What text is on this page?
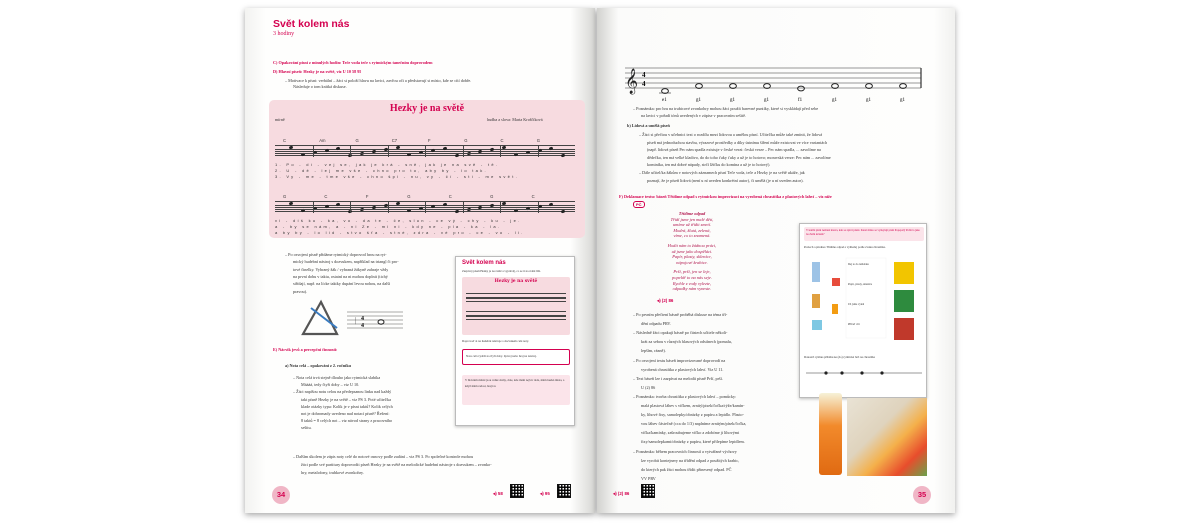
Svět kolem nás
3 hodiny
C) Opakování písní z minulých hodin: Teče voda teče s rytmickým tanečním doprovodem
D) Hlavní píseň: Hezky je na světě, viz U 10 58 95
– Motivace k písni: verbální – žáci si položí hlavu na lavici, zavřou oči a představují si místo, kde se cítí dobře.
Následuje o tom krátká diskuse.
Hezky je na světě
mírně	hudba a slova: Maria Kroščíková
C	Am	G	C7	F	G	C	G
1. Po - dí - vej se, jak je krá - sně, jak je na svě - tě.
2. U - dě - lej me vše - chno pro to, aby by - lo tak.
3. Vy - me - tme vše - chno špi - nu, vy - čí - stí - me svět.
G	C	F	G	C	G	C
vi - díš ku - ka, vo - da te - če, slun - ce vý - chy - ku - je.
a - by se nám, a - ni Ze - mi ni - kdy ne - pla - ka - la.
a by by - lo lid - stvo šťa - stné, zdra - vé pro - ce - vo - li.
– Po osvojení písně přidáme rytmický doprovod hrou na ryt-
mický hudební nástroj s dozvukem, například na triangl či pro-
tové činelky. Vybraný žák / vybraná žákyně zahraje vždy
na první dobu v taktu, ostatní na ni mohou doplnit (tichý
střídají, např. na lícke taktky dupání levou nohou, na další
pravou).
𝄀 4
4
E) Nácvik jevů a percepční činnosti:
a) Nota celá – opakování z 2. ročníku
– Nota celá trvá stejně dlouho jako rytmická slabika
Máááá, tedy čtyři doby – viz U 10.
– Žáci napíšou notu celou na předepsanou linku nad každý
takt písně Hezky je na světě – viz PS 3. Poté učitel/ka
klade otázky typu: Kolik je v písni taktů? Kolik celých
not je dohromady uvedeno nad notací písně? Řešení:
8 taktů = 8 celých not – viz návod strany z pracovního
sešitu.
– Dalším úkolem je zápis noty celé do notové osnovy podle zadání – viz PS 3. Po společné kontrole mohou
žáci podle své partitury doprovodit píseň Hezky je na světě na melodické hudební nástroje s dozvukem – zvonko-
hry, metalofony, trubkové zvonkohry.
Svět kolem nás
Zazpívej píseň Hezky je na světě a vyprávěj, co se ti na světě líbí.
Hezky je na světě
Doprovoď si na hudební nástroje s dozvukem celé noty.
Nota celá vydrží na čtyři doby. Zpívej nebo hraj na nástroj.
V hlavním městě jsou velké domy, dole, kde mám nejvíc ráda, mám hezká místa, a když mám radost, hraji si.
34	◂) 58	◂) 95
𝄞 4
4
e1	g1	g1	g1	f1	g1	g1	g1
– Poznámka: pro hru na trubicové zvonkohry mohou žáci použít barevné puntíky, které si vyskládají před sebe
na lavici v pořadí tónů uvedených v zápise v pracovním sešitě.
b) Lidová a umělá píseň
– Žáci si přečtou v učebnici text o rozdílu mezi lidovou a umělou písní. Učitel/ka může také zmínit, že lidová
píseň má jednoduchou stavbu, výrazové prostředky a díky ústnímu šíření může existovat ve více variantách
(např. lidová píseň Pec nám spadla existuje v české verzi: česká verze – Pec nám spadla, ... zavolíme na
dědečka, ten má velké kladivo, do do toho ťuky ťuky a už je to hotovo; moravská verze: Pec nám ... zavolíme
kominíka, ten má dobré nápady, strčí lžičku do komína a už je to hotový).
– Dále učitel/ka žákům v notových záznamech písní Teče voda, teče a Hezky je na světě ukáže, jak
poznají, že je píseň lidová (není u ní uveden konkrétní autor), či umělá (je u ní uveden autor).
F) Deklamace textu: báseň Třídíme odpad s rytmickou improvizací na vyrobená chrastítka z plastových lahví – viz níže
PČ
Třídíme odpad
Třídí jsme jen malé děti,
umíme už třídit smetí.
Modrá, žlutá, zelená,
víme, co to znamená.
Hodit nám to žádnou práci,
už jsme jako dospěláci.
Papír, plasty, skleníce,
nápojové krabice.
Prší, prší, jen se leje,
popelář to na nás seje.
Rychle z vody vylezte,
odpadky nám vyneste.
◂) (2) 86
– Po prvním přečtení básně proběhá diskuse na téma tří-
dění odpadu PRV.
– Následně žáci opakují básně po částech učitele několi-
krát za sebou v různých hlasových odstínech (pomalu,
lepším, rázně).
– Po osvojení textu báseň improvizované doprovodí na
vyrobená chrastítka z plastových lahví. Viz U 11.
– Text báseň lze i zazpívat na melodii písně Prší, prší.
U (2) 86
– Poznámka: tvorba chrastítka z plastových lahví – pomůcky:
malá plastová láhev s víčkem, zrnitý/pisek/čočka/rýže/kamín-
ky, lihové fixy, samolepky/obrázky z papíru a lepidlo. Plasto-
vou láhev částečně (cca do 1/3) naplníme zrnitým/písek/čočka,
víčka/kamínky, zašroubujeme víčko a zdobíme ji lihovými
fixy/samolepkami/obrázky z papíru, které přilepíme lepidlem.
– Poznámka: během pracovních činností a vytvářané výchovy
lze vyrobit kontejnery na třídění odpad z použitých krabic,
do kterých pak žáci mohou třídit přinesený odpad. PČ
VV PRV
V každé písni nemusí únava, kde se zpívá písně. Které místo se vyskytují písní Popepalý Pořád a jako na Zemi krásně?
Poslech a přednes Třídíme odpad a vyhledej podle zvuku chrastítka.
Dej to do nádobku
Papír, plasty, sklenice
Už jsme vyletí
Přiřaď cítí
Dokonči rytmus příběhu ke (do) rytmické řeči na chrastítka
35
◂) (2) 86
